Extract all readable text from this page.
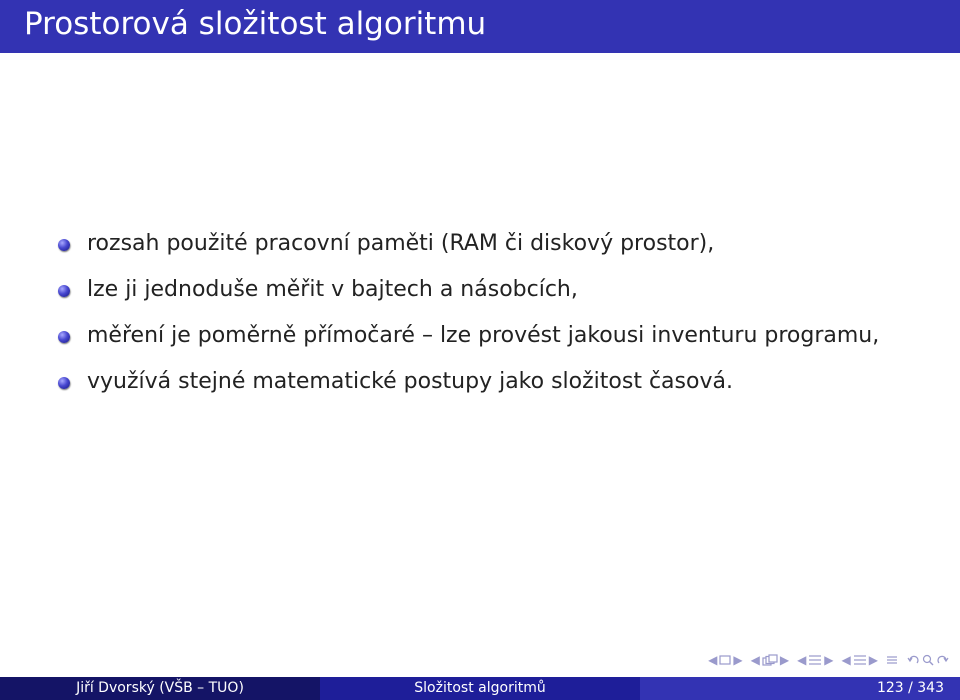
Prostorová složitost algoritmu
rozsah použité pracovní paměti (RAM či diskový prostor),
lze ji jednoduše měřit v bajtech a násobcích,
měření je poměrně přímočaré – lze provést jakousi inventuru programu,
využívá stejné matematické postupy jako složitost časová.
◀ ▶ ◀ ▶ ◀ ▶ ◀ ▶
Jiří Dvorský (VŠB – TUO)	Složitost algoritmů	123 / 343
